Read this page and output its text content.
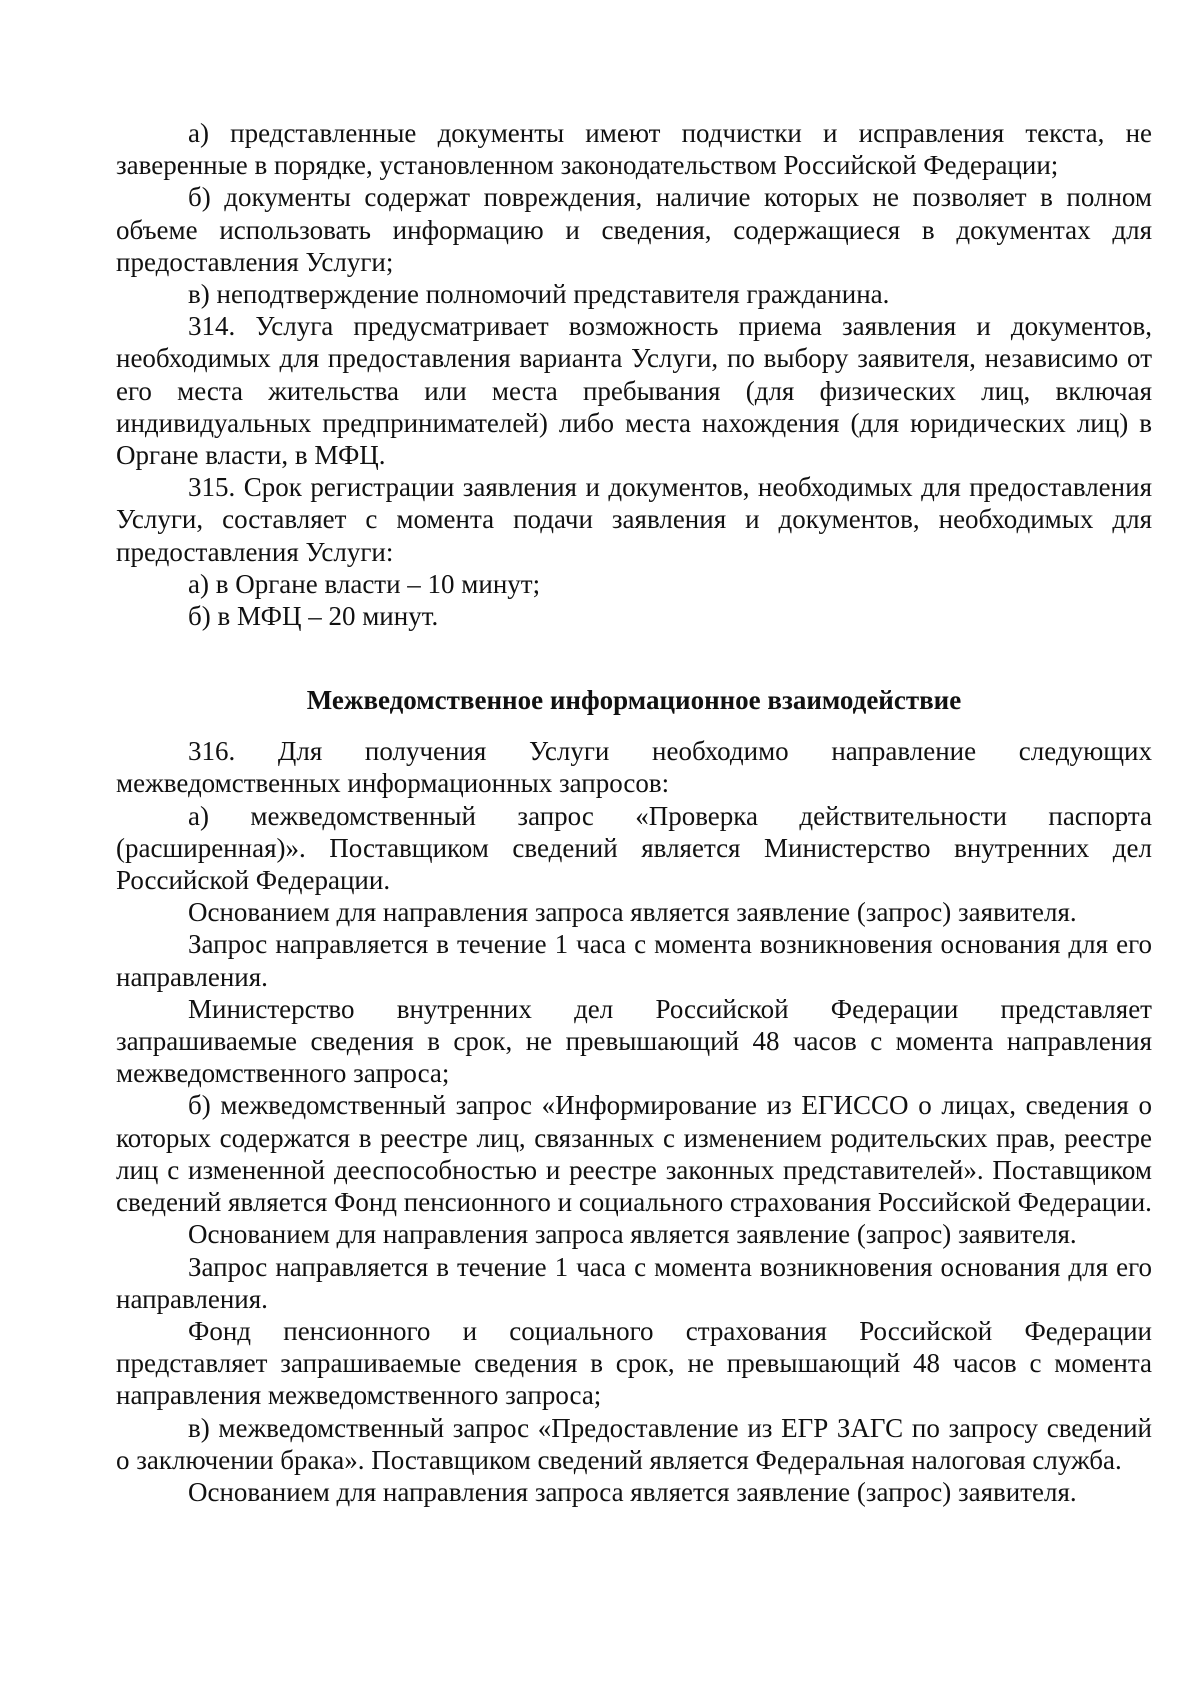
а) представленные документы имеют подчистки и исправления текста, не заверенные в порядке, установленном законодательством Российской Федерации;

б) документы содержат повреждения, наличие которых не позволяет в полном объеме использовать информацию и сведения, содержащиеся в документах для предоставления Услуги;

в) неподтверждение полномочий представителя гражданина.

314. Услуга предусматривает возможность приема заявления и документов, необходимых для предоставления варианта Услуги, по выбору заявителя, независимо от его места жительства или места пребывания (для физических лиц, включая индивидуальных предпринимателей) либо места нахождения (для юридических лиц) в Органе власти, в МФЦ.

315. Срок регистрации заявления и документов, необходимых для предоставления Услуги, составляет с момента подачи заявления и документов, необходимых для предоставления Услуги:

а) в Органе власти – 10 минут;

б) в МФЦ – 20 минут.

Межведомственное информационное взаимодействие

316. Для получения Услуги необходимо направление следующих межведомственных информационных запросов:

а) межведомственный запрос «Проверка действительности паспорта (расширенная)». Поставщиком сведений является Министерство внутренних дел Российской Федерации.

Основанием для направления запроса является заявление (запрос) заявителя.

Запрос направляется в течение 1 часа с момента возникновения основания для его направления.

Министерство внутренних дел Российской Федерации представляет запрашиваемые сведения в срок, не превышающий 48 часов с момента направления межведомственного запроса;

б) межведомственный запрос «Информирование из ЕГИССО о лицах, сведения о которых содержатся в реестре лиц, связанных с изменением родительских прав, реестре лиц с измененной дееспособностью и реестре законных представителей». Поставщиком сведений является Фонд пенсионного и социального страхования Российской Федерации.

Основанием для направления запроса является заявление (запрос) заявителя.

Запрос направляется в течение 1 часа с момента возникновения основания для его направления.

Фонд пенсионного и социального страхования Российской Федерации представляет запрашиваемые сведения в срок, не превышающий 48 часов с момента направления межведомственного запроса;

в) межведомственный запрос «Предоставление из ЕГР ЗАГС по запросу сведений о заключении брака». Поставщиком сведений является Федеральная налоговая служба.

Основанием для направления запроса является заявление (запрос) заявителя.
